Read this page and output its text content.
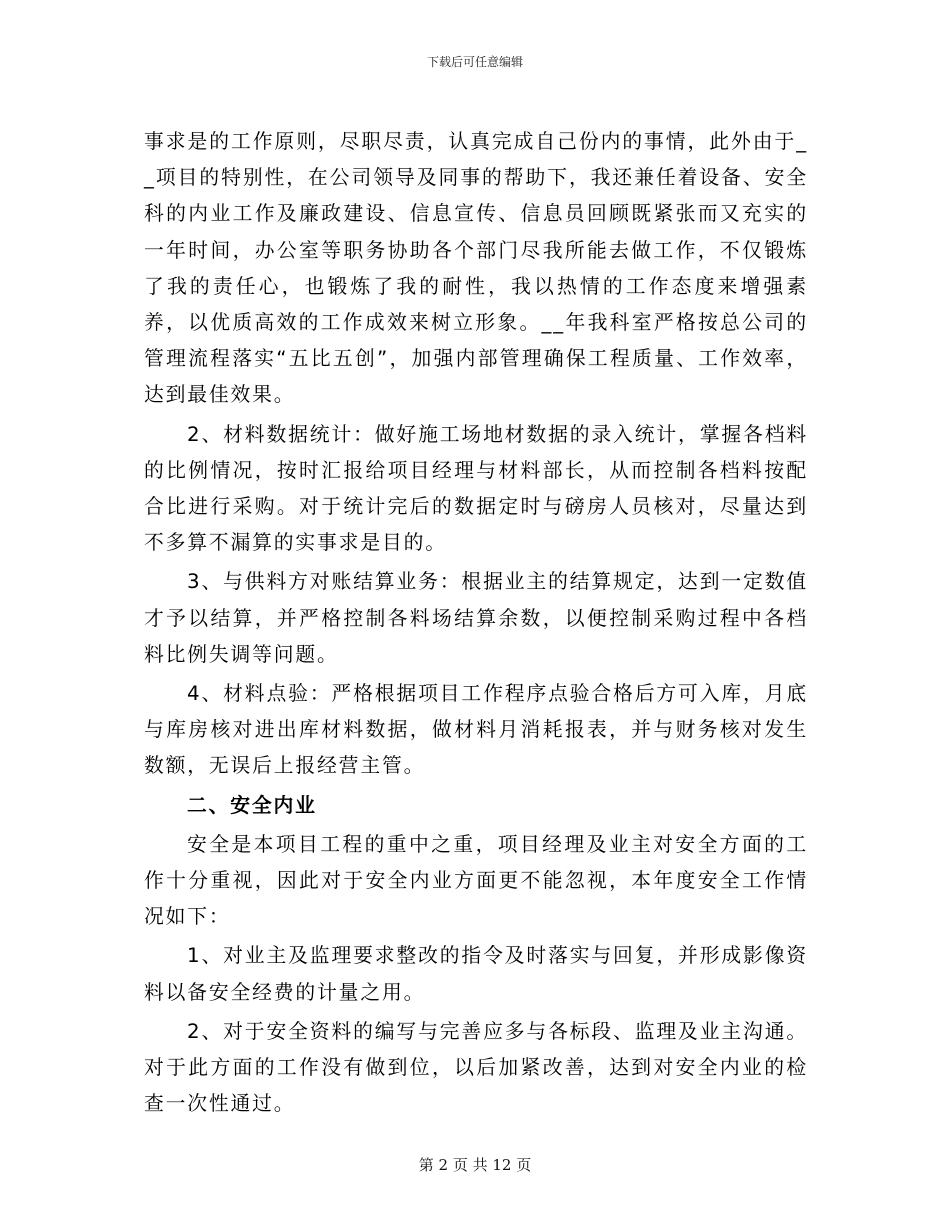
下载后可任意编辑

事求是的工作原则，尽职尽责，认真完成自己份内的事情，此外由于__项目的特别性，在公司领导及同事的帮助下，我还兼任着设备、安全科的内业工作及廉政建设、信息宣传、信息员回顾既紧张而又充实的一年时间，办公室等职务协助各个部门尽我所能去做工作，不仅锻炼了我的责任心，也锻炼了我的耐性，我以热情的工作态度来增强素养，以优质高效的工作成效来树立形象。__年我科室严格按总公司的管理流程落实“五比五创”，加强内部管理确保工程质量、工作效率，达到最佳效果。

2、材料数据统计：做好施工场地材数据的录入统计，掌握各档料的比例情况，按时汇报给项目经理与材料部长，从而控制各档料按配合比进行采购。对于统计完后的数据定时与磅房人员核对，尽量达到不多算不漏算的实事求是目的。

3、与供料方对账结算业务：根据业主的结算规定，达到一定数值才予以结算，并严格控制各料场结算余数，以便控制采购过程中各档料比例失调等问题。

4、材料点验：严格根据项目工作程序点验合格后方可入库，月底与库房核对进出库材料数据，做材料月消耗报表，并与财务核对发生数额，无误后上报经营主管。

二、安全内业

安全是本项目工程的重中之重，项目经理及业主对安全方面的工作十分重视，因此对于安全内业方面更不能忽视，本年度安全工作情况如下：

1、对业主及监理要求整改的指令及时落实与回复，并形成影像资料以备安全经费的计量之用。

2、对于安全资料的编写与完善应多与各标段、监理及业主沟通。对于此方面的工作没有做到位，以后加紧改善，达到对安全内业的检查一次性通过。

第 2 页 共 12 页
